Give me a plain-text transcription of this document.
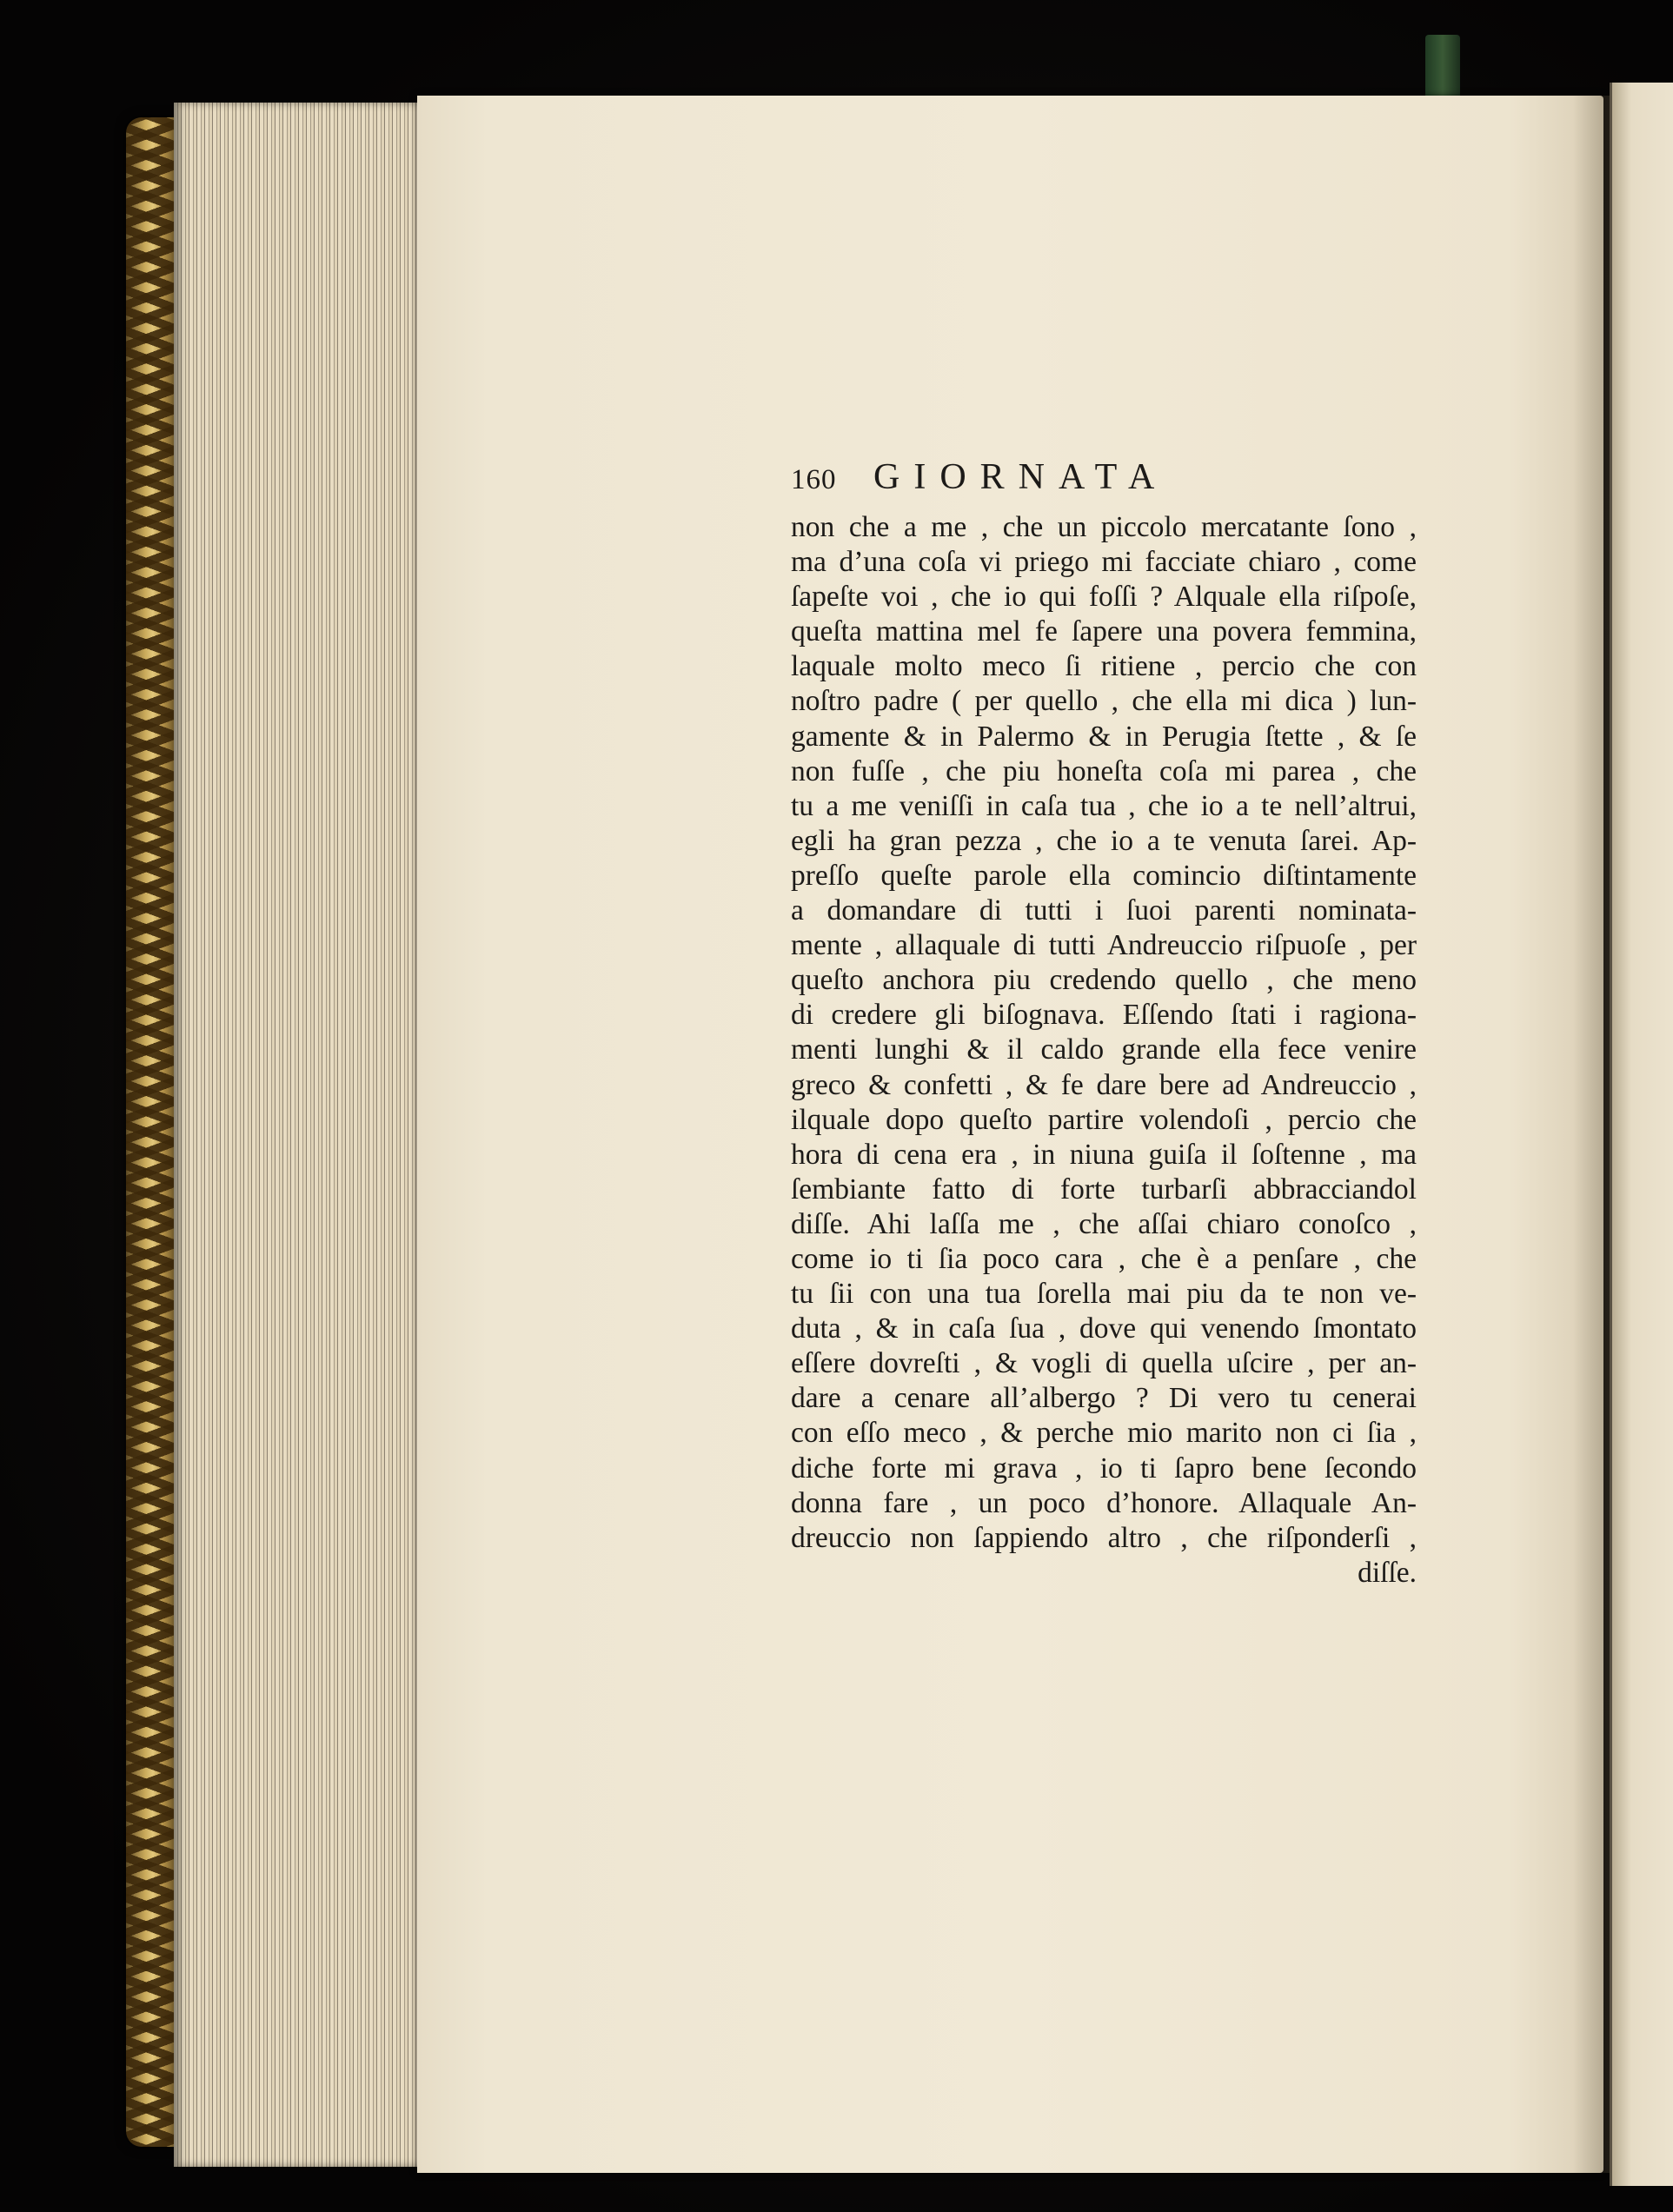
160	GIORNATA
non che a me , che un piccolo mercatante ſono ,
ma d’una coſa vi priego mi facciate chiaro , come
ſapeſte voi , che io qui foſſi ? Alquale ella riſpoſe,
queſta mattina mel fe ſapere una povera femmina,
laquale molto meco ſi ritiene , percio che con
noſtro padre ( per quello , che ella mi dica ) lun-
gamente & in Palermo & in Perugia ſtette , & ſe
non fuſſe , che piu honeſta coſa mi parea , che
tu a me veniſſi in caſa tua , che io a te nell’altrui,
egli ha gran pezza , che io a te venuta ſarei. Ap-
preſſo queſte parole ella comincio diſtintamente
a domandare di tutti i ſuoi parenti nominata-
mente , allaquale di tutti Andreuccio riſpuoſe , per
queſto anchora piu credendo quello , che meno
di credere gli biſognava. Eſſendo ſtati i ragiona-
menti lunghi & il caldo grande ella fece venire
greco & confetti , & fe dare bere ad Andreuccio ,
ilquale dopo queſto partire volendoſi , percio che
hora di cena era , in niuna guiſa il ſoſtenne , ma
ſembiante fatto di forte turbarſi abbracciandol
diſſe. Ahi laſſa me , che aſſai chiaro conoſco ,
come io ti ſia poco cara , che è a penſare , che
tu ſii con una tua ſorella mai piu da te non ve-
duta , & in caſa ſua , dove qui venendo ſmontato
eſſere dovreſti , & vogli di quella uſcire , per an-
dare a cenare all’albergo ? Di vero tu cenerai
con eſſo meco , & perche mio marito non ci ſia ,
diche forte mi grava , io ti ſapro bene ſecondo
donna fare , un poco d’honore. Allaquale An-
dreuccio non ſappiendo altro , che riſponderſi ,
diſſe.
